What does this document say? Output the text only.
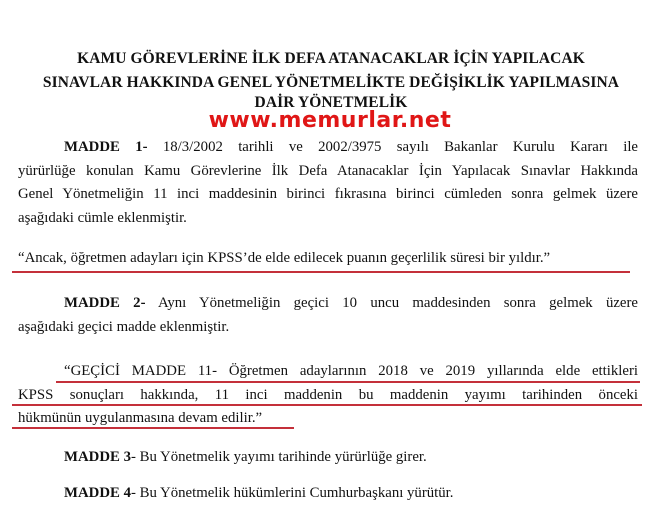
KAMU GÖREVLERİNE İLK DEFA ATANACAKLAR İÇİN YAPILACAK
SINAVLAR HAKKINDA GENEL YÖNETMELİKTE DEĞİŞİKLİK YAPILMASINA
DAİR YÖNETMELİK
www.memurlar.net
MADDE 1- 18/3/2002 tarihli ve 2002/3975 sayılı Bakanlar Kurulu Kararı ile
yürürlüğe konulan Kamu Görevlerine İlk Defa Atanacaklar İçin Yapılacak Sınavlar Hakkında
Genel Yönetmeliğin 11 inci maddesinin birinci fıkrasına birinci cümleden sonra gelmek üzere
aşağıdaki cümle eklenmiştir.
“Ancak, öğretmen adayları için KPSS’de elde edilecek puanın geçerlilik süresi bir yıldır.”
MADDE 2- Aynı Yönetmeliğin geçici 10 uncu maddesinden sonra gelmek üzere
aşağıdaki geçici madde eklenmiştir.
“GEÇİCİ MADDE 11- Öğretmen adaylarının 2018 ve 2019 yıllarında elde ettikleri
KPSS sonuçları hakkında, 11 inci maddenin bu maddenin yayımı tarihinden önceki
hükmünün uygulanmasına devam edilir.”
MADDE 3- Bu Yönetmelik yayımı tarihinde yürürlüğe girer.
MADDE 4- Bu Yönetmelik hükümlerini Cumhurbaşkanı yürütür.
